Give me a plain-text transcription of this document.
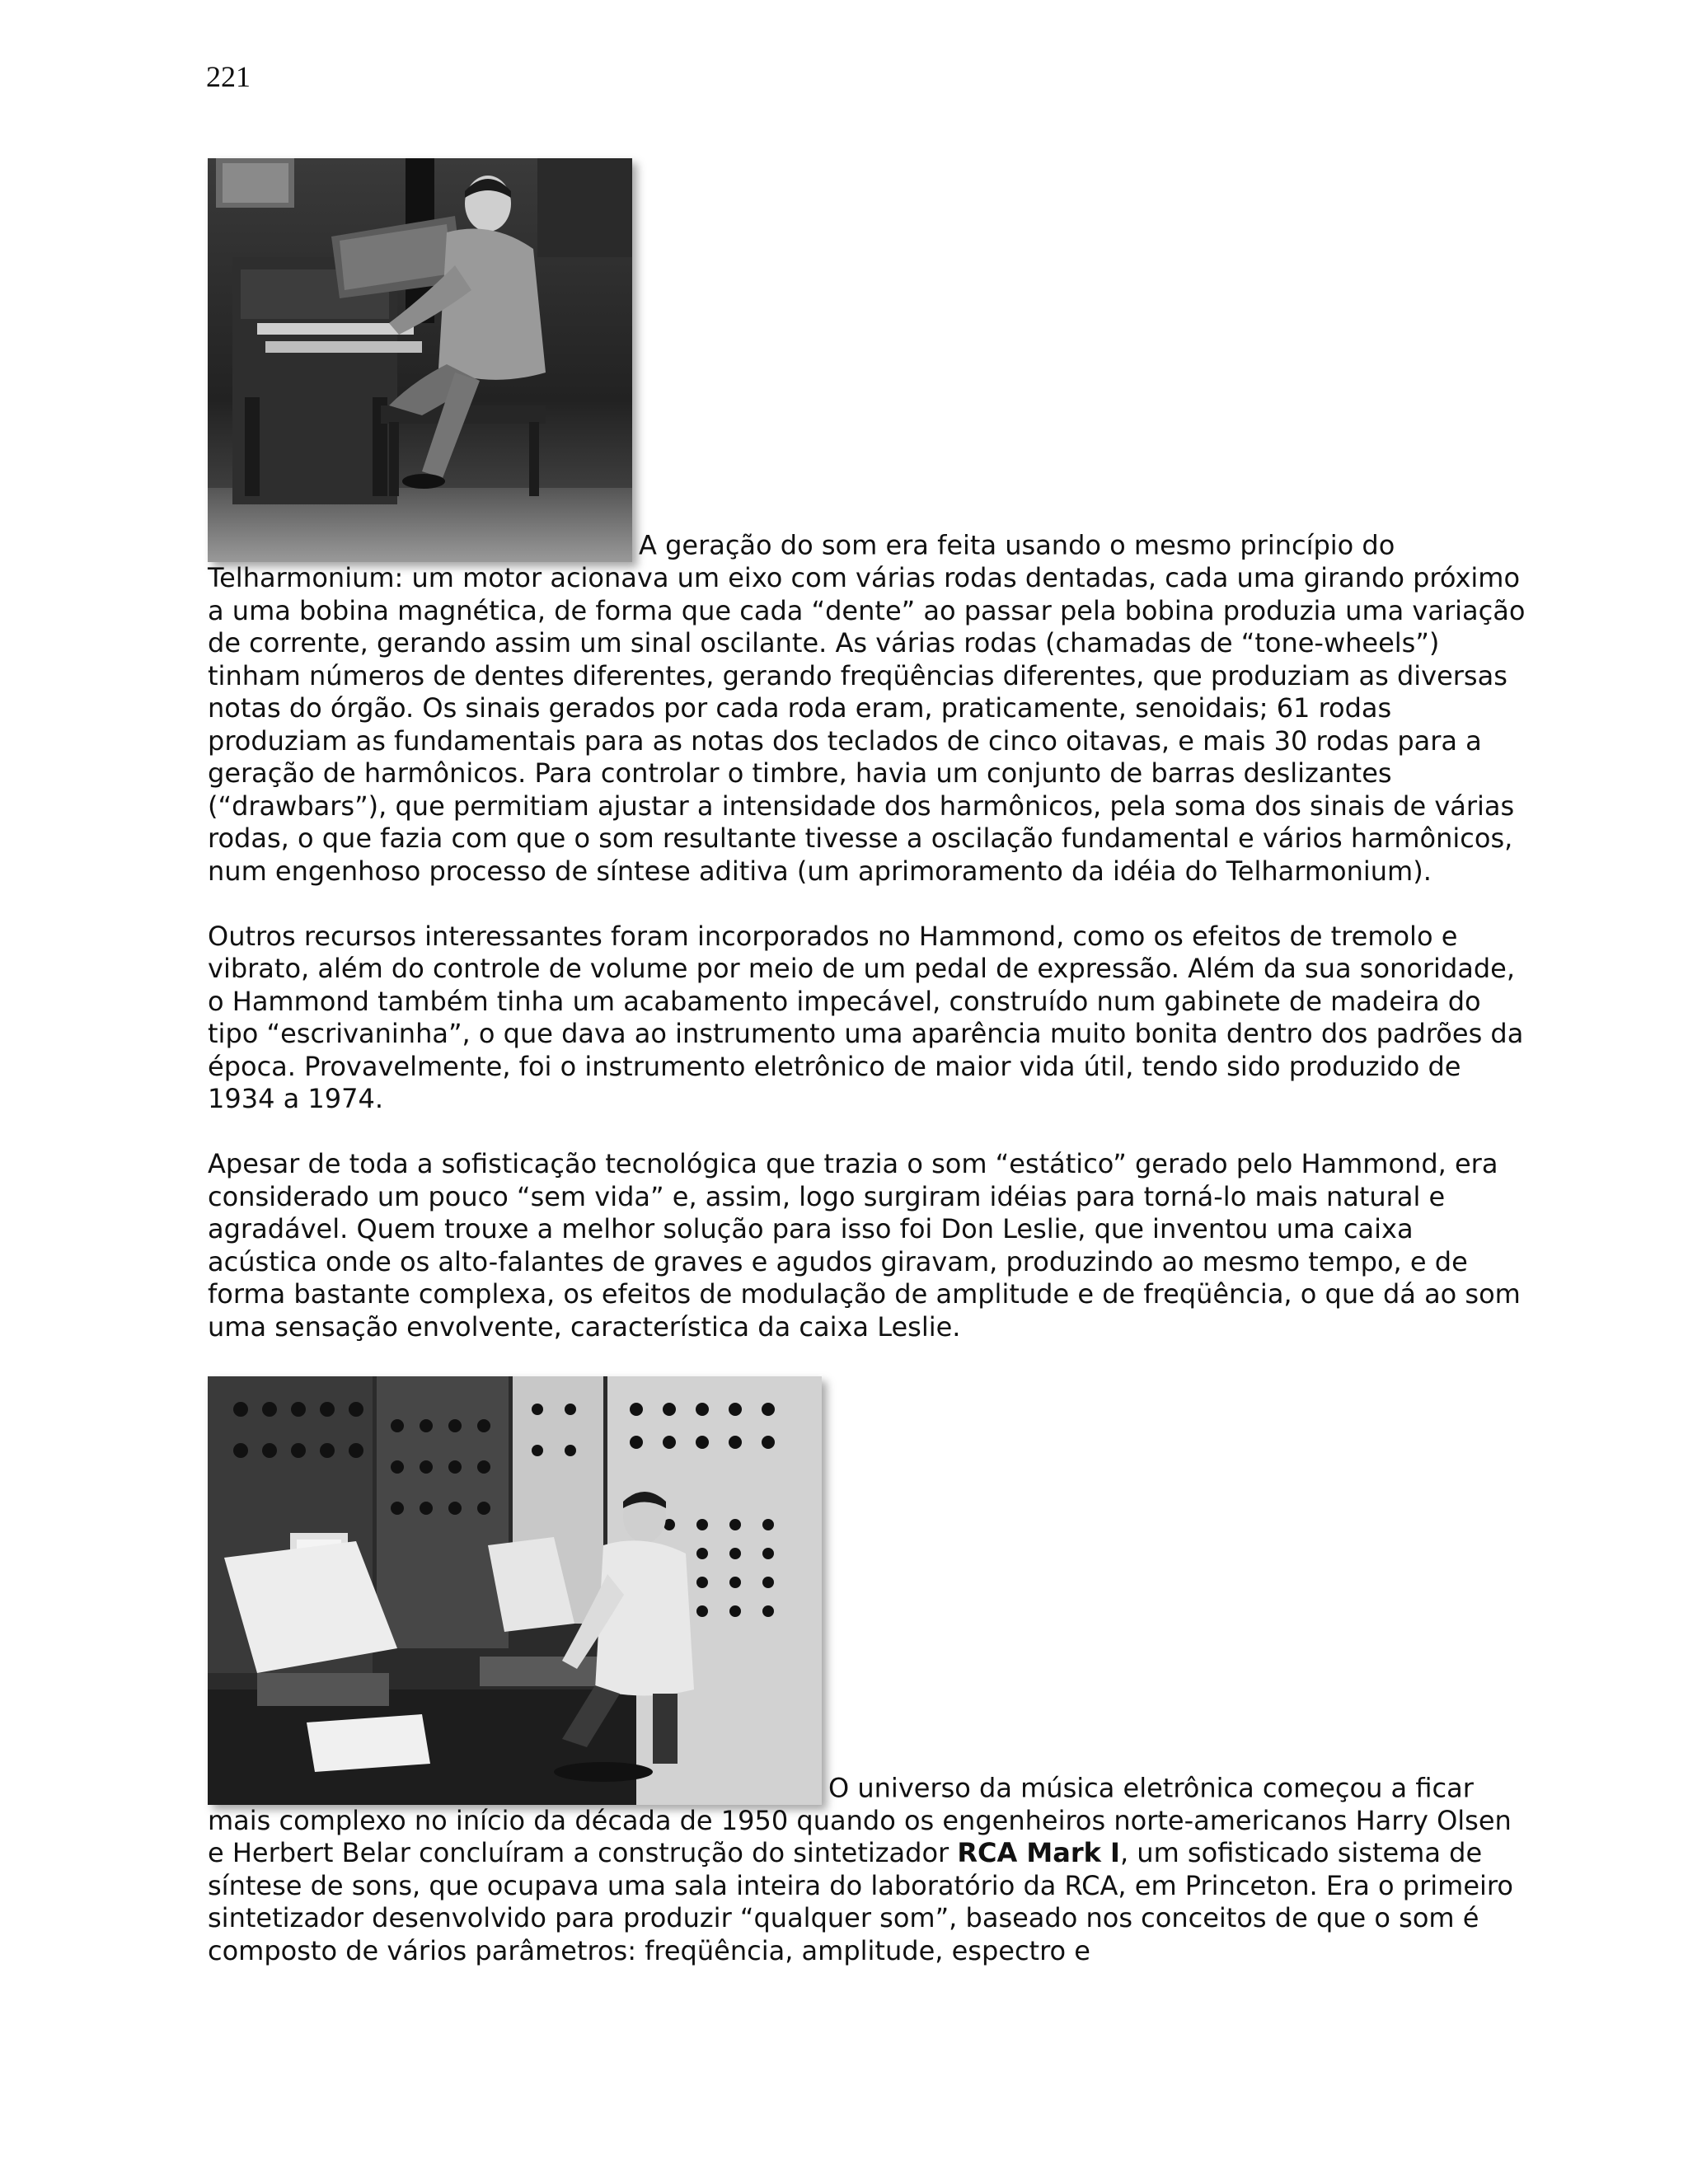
221

A geração do som era feita usando o mesmo princípio do Telharmonium: um motor acionava um eixo com várias rodas dentadas, cada uma girando próximo a uma bobina magnética, de forma que cada “dente” ao passar pela bobina produzia uma variação de corrente, gerando assim um sinal oscilante. As várias rodas (chamadas de “tone-wheels”) tinham números de dentes diferentes, gerando freqüências diferentes, que produziam as diversas notas do órgão. Os sinais gerados por cada roda eram, praticamente, senoidais; 61 rodas produziam as fundamentais para as notas dos teclados de cinco oitavas, e mais 30 rodas para a geração de harmônicos. Para controlar o timbre, havia um conjunto de barras deslizantes (“drawbars”), que permitiam ajustar a intensidade dos harmônicos, pela soma dos sinais de várias rodas, o que fazia com que o som resultante tivesse a oscilação fundamental e vários harmônicos, num engenhoso processo de síntese aditiva (um aprimoramento da idéia do Telharmonium).

Outros recursos interessantes foram incorporados no Hammond, como os efeitos de tremolo e vibrato, além do controle de volume por meio de um pedal de expressão. Além da sua sonoridade, o Hammond também tinha um acabamento impecável, construído num gabinete de madeira do tipo “escrivaninha”, o que dava ao instrumento uma aparência muito bonita dentro dos padrões da época. Provavelmente, foi o instrumento eletrônico de maior vida útil, tendo sido produzido de 1934 a 1974.

Apesar de toda a sofisticação tecnológica que trazia o som “estático” gerado pelo Hammond, era considerado um pouco “sem vida” e, assim, logo surgiram idéias para torná-lo mais natural e agradável. Quem trouxe a melhor solução para isso foi Don Leslie, que inventou uma caixa acústica onde os alto-falantes de graves e agudos giravam, produzindo ao mesmo tempo, e de forma bastante complexa, os efeitos de modulação de amplitude e de freqüência, o que dá ao som uma sensação envolvente, característica da caixa Leslie.

O universo da música eletrônica começou a ficar mais complexo no início da década de 1950 quando os engenheiros norte-americanos Harry Olsen e Herbert Belar concluíram a construção do sintetizador RCA Mark I, um sofisticado sistema de síntese de sons, que ocupava uma sala inteira do laboratório da RCA, em Princeton. Era o primeiro sintetizador desenvolvido para produzir “qualquer som”, baseado nos conceitos de que o som é composto de vários parâmetros: freqüência, amplitude, espectro e
